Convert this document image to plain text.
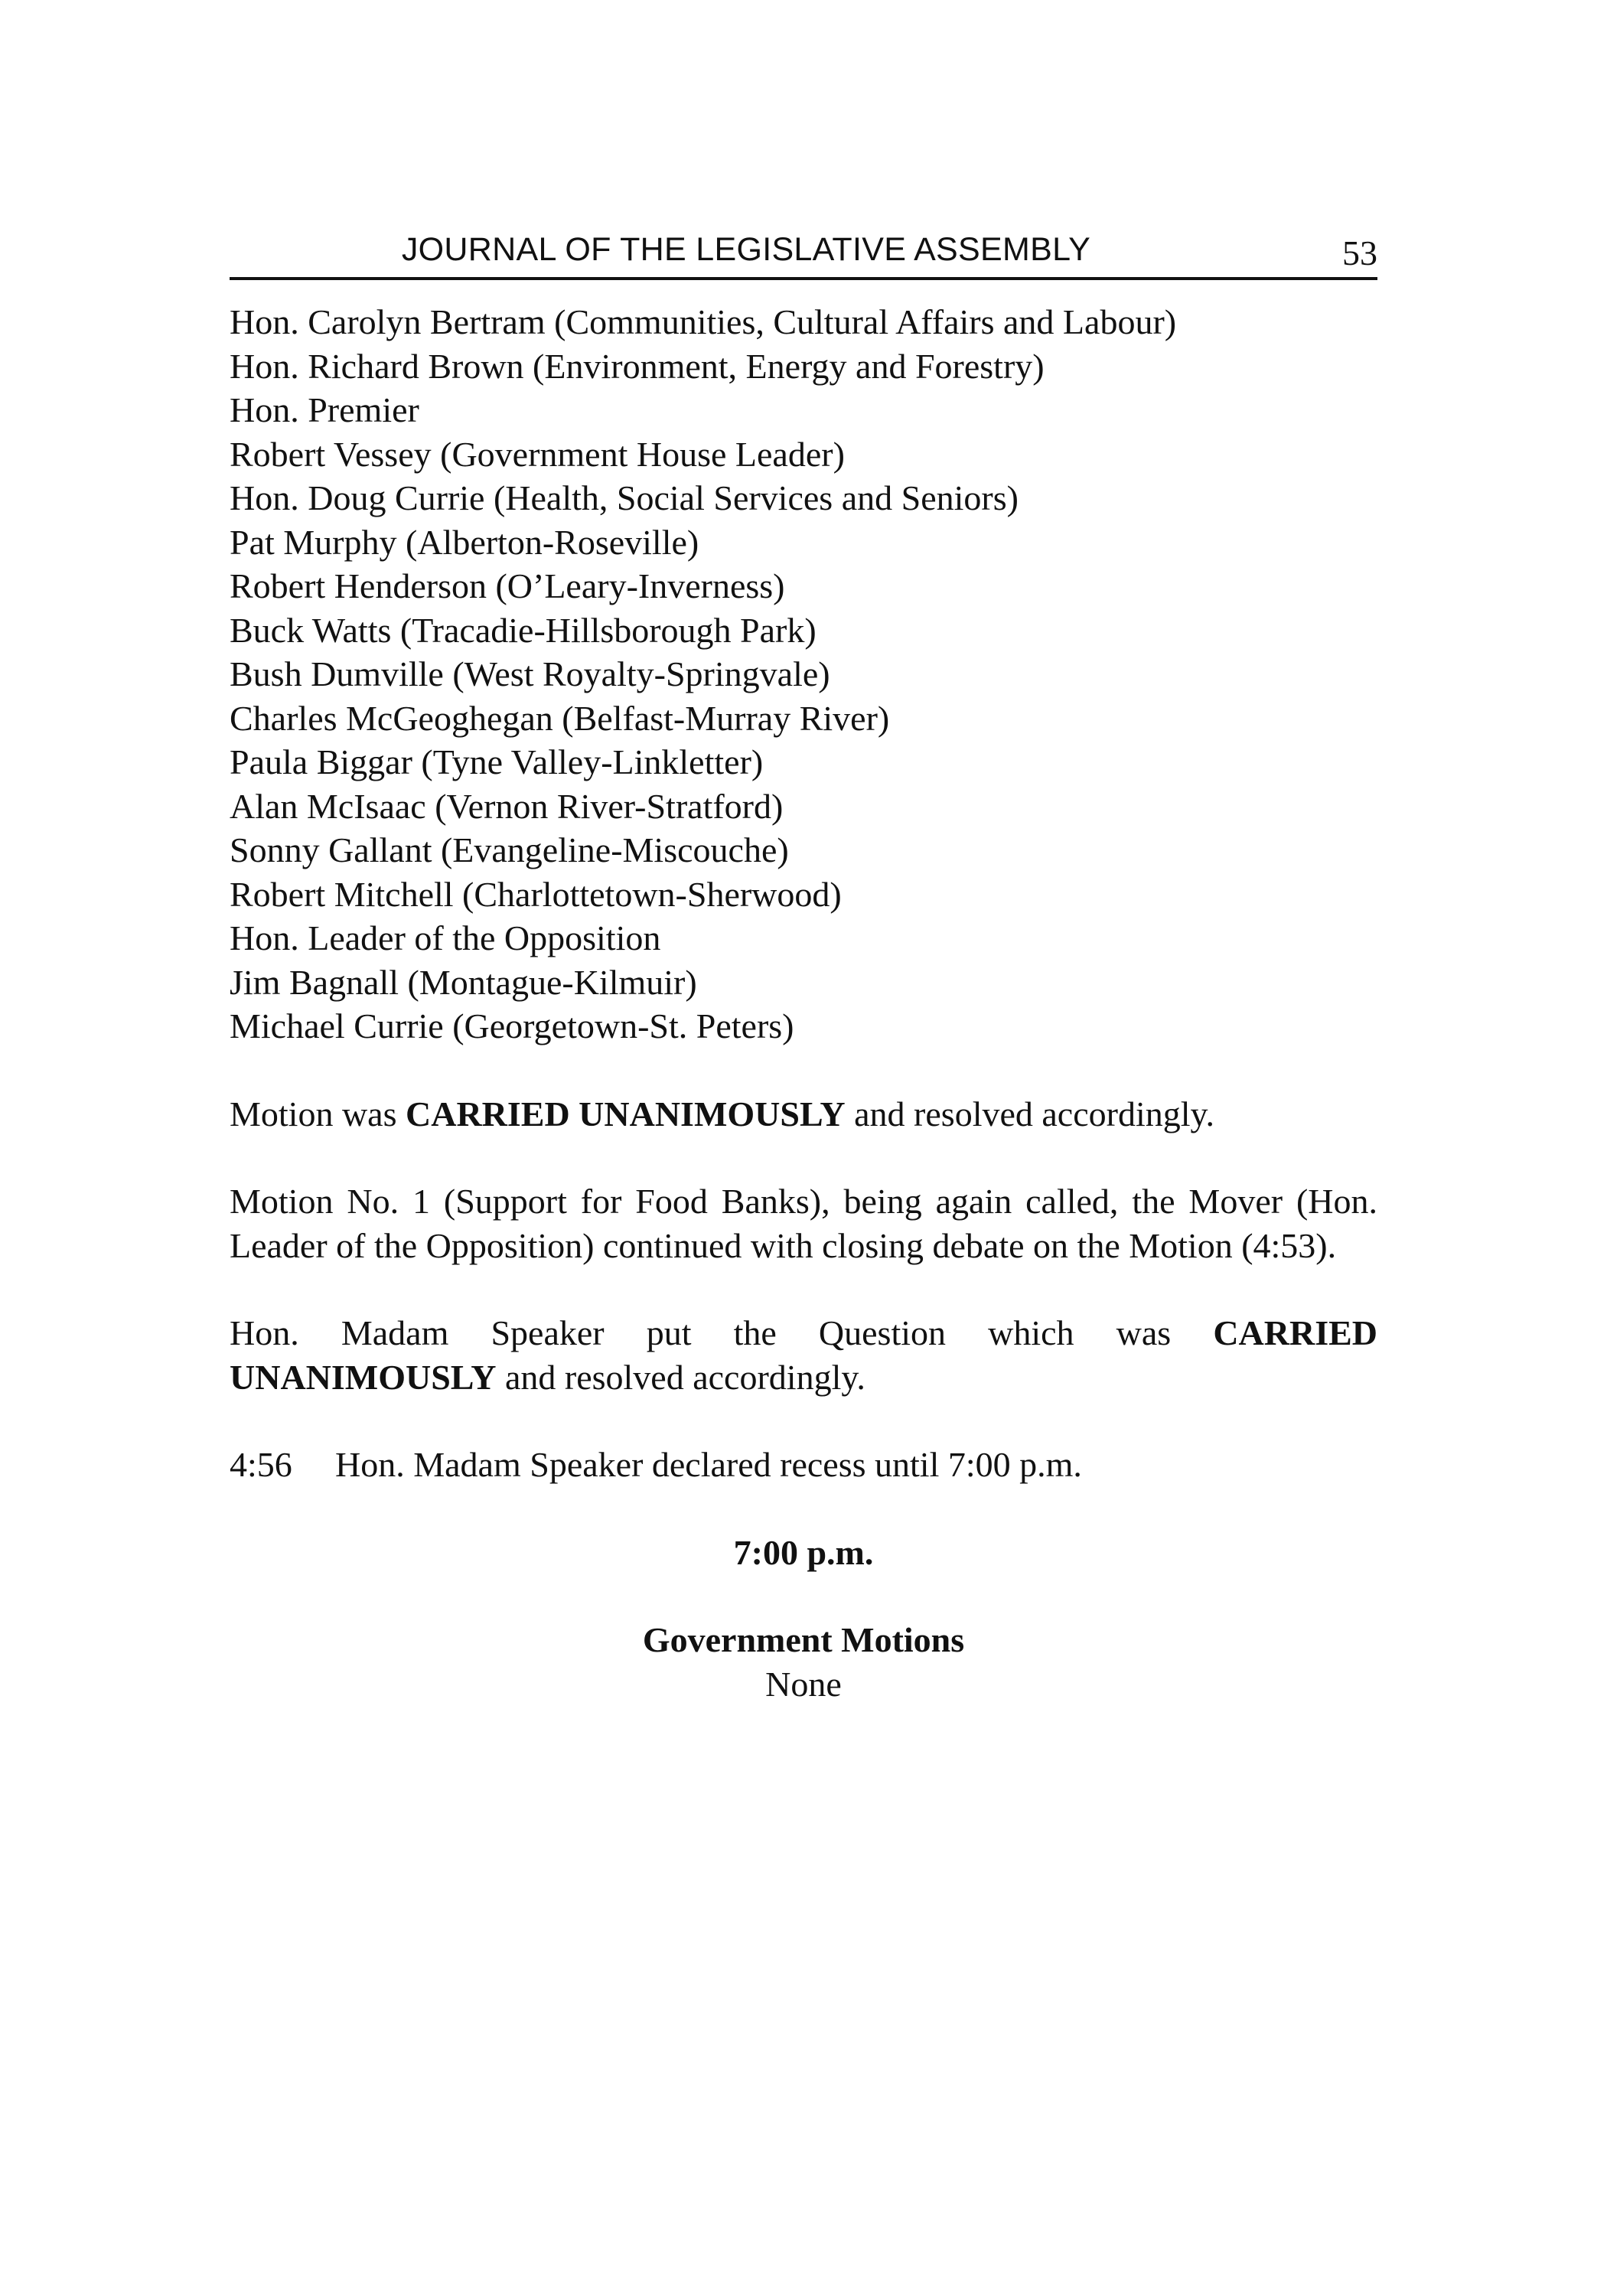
JOURNAL OF THE LEGISLATIVE ASSEMBLY	53
Hon. Carolyn Bertram (Communities, Cultural Affairs and Labour)
Hon. Richard Brown (Environment, Energy and Forestry)
Hon. Premier
Robert Vessey (Government House Leader)
Hon. Doug Currie (Health, Social Services and Seniors)
Pat Murphy (Alberton-Roseville)
Robert Henderson (O’Leary-Inverness)
Buck Watts (Tracadie-Hillsborough Park)
Bush Dumville (West Royalty-Springvale)
Charles McGeoghegan (Belfast-Murray River)
Paula Biggar (Tyne Valley-Linkletter)
Alan McIsaac (Vernon River-Stratford)
Sonny Gallant (Evangeline-Miscouche)
Robert Mitchell (Charlottetown-Sherwood)
Hon. Leader of the Opposition
Jim Bagnall (Montague-Kilmuir)
Michael Currie (Georgetown-St. Peters)

Motion was CARRIED UNANIMOUSLY and resolved accordingly.

Motion No. 1 (Support for Food Banks), being again called, the Mover (Hon. Leader of the Opposition) continued with closing debate on the Motion (4:53).

Hon. Madam Speaker put the Question which was CARRIED UNANIMOUSLY and resolved accordingly.

4:56 Hon. Madam Speaker declared recess until 7:00 p.m.
7:00 p.m.
Government Motions
None
